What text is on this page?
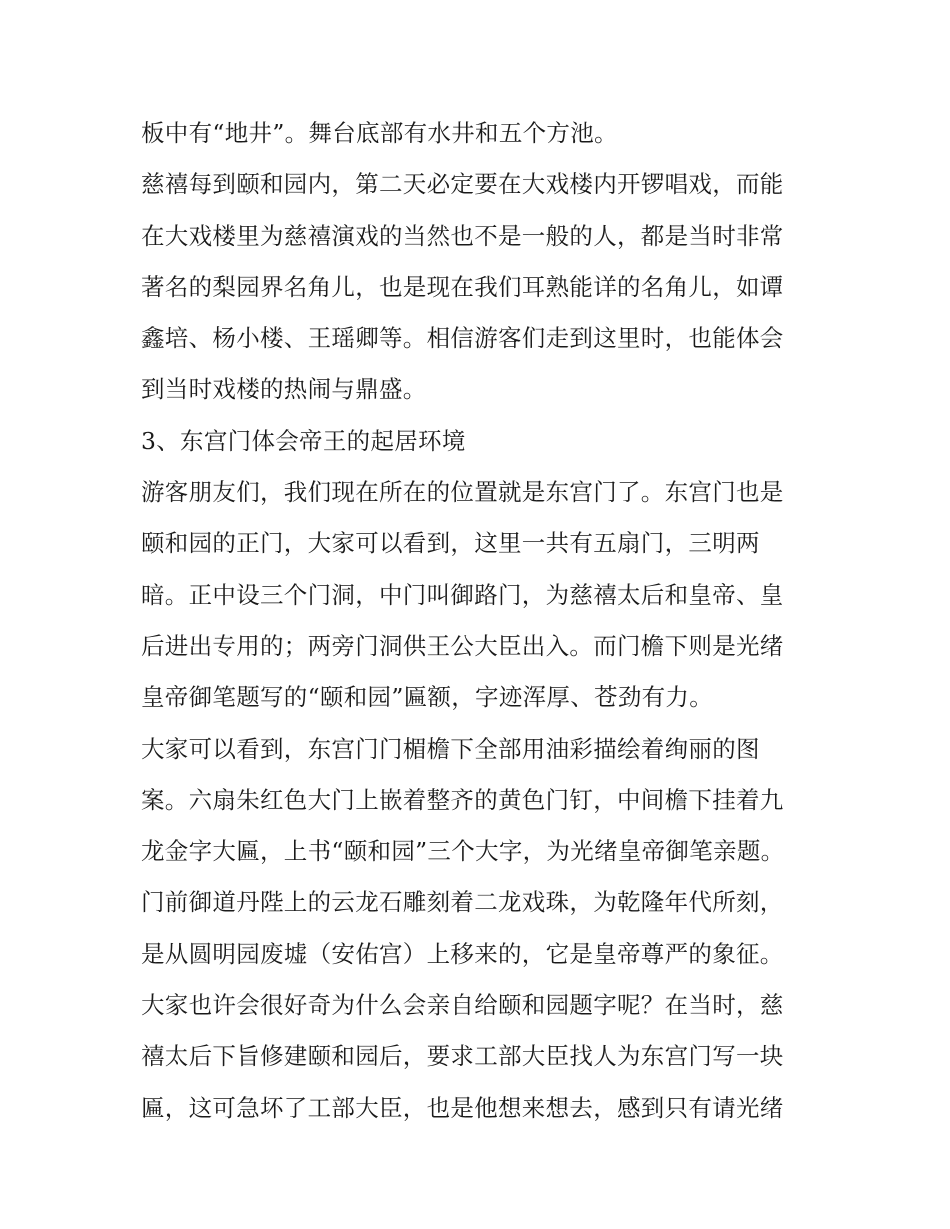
板中有“地井”。舞台底部有水井和五个方池。
慈禧每到颐和园内，第二天必定要在大戏楼内开锣唱戏，而能
在大戏楼里为慈禧演戏的当然也不是一般的人，都是当时非常
著名的梨园界名角儿，也是现在我们耳熟能详的名角儿，如谭
鑫培、杨小楼、王瑶卿等。相信游客们走到这里时，也能体会
到当时戏楼的热闹与鼎盛。
3、东宫门体会帝王的起居环境
游客朋友们，我们现在所在的位置就是东宫门了。东宫门也是
颐和园的正门，大家可以看到，这里一共有五扇门，三明两
暗。正中设三个门洞，中门叫御路门，为慈禧太后和皇帝、皇
后进出专用的；两旁门洞供王公大臣出入。而门檐下则是光绪
皇帝御笔题写的“颐和园”匾额，字迹浑厚、苍劲有力。
大家可以看到，东宫门门楣檐下全部用油彩描绘着绚丽的图
案。六扇朱红色大门上嵌着整齐的黄色门钉，中间檐下挂着九
龙金字大匾，上书“颐和园”三个大字，为光绪皇帝御笔亲题。
门前御道丹陛上的云龙石雕刻着二龙戏珠，为乾隆年代所刻，
是从圆明园废墟（安佑宫）上移来的，它是皇帝尊严的象征。
大家也许会很好奇为什么会亲自给颐和园题字呢？在当时，慈
禧太后下旨修建颐和园后，要求工部大臣找人为东宫门写一块
匾，这可急坏了工部大臣，也是他想来想去，感到只有请光绪
